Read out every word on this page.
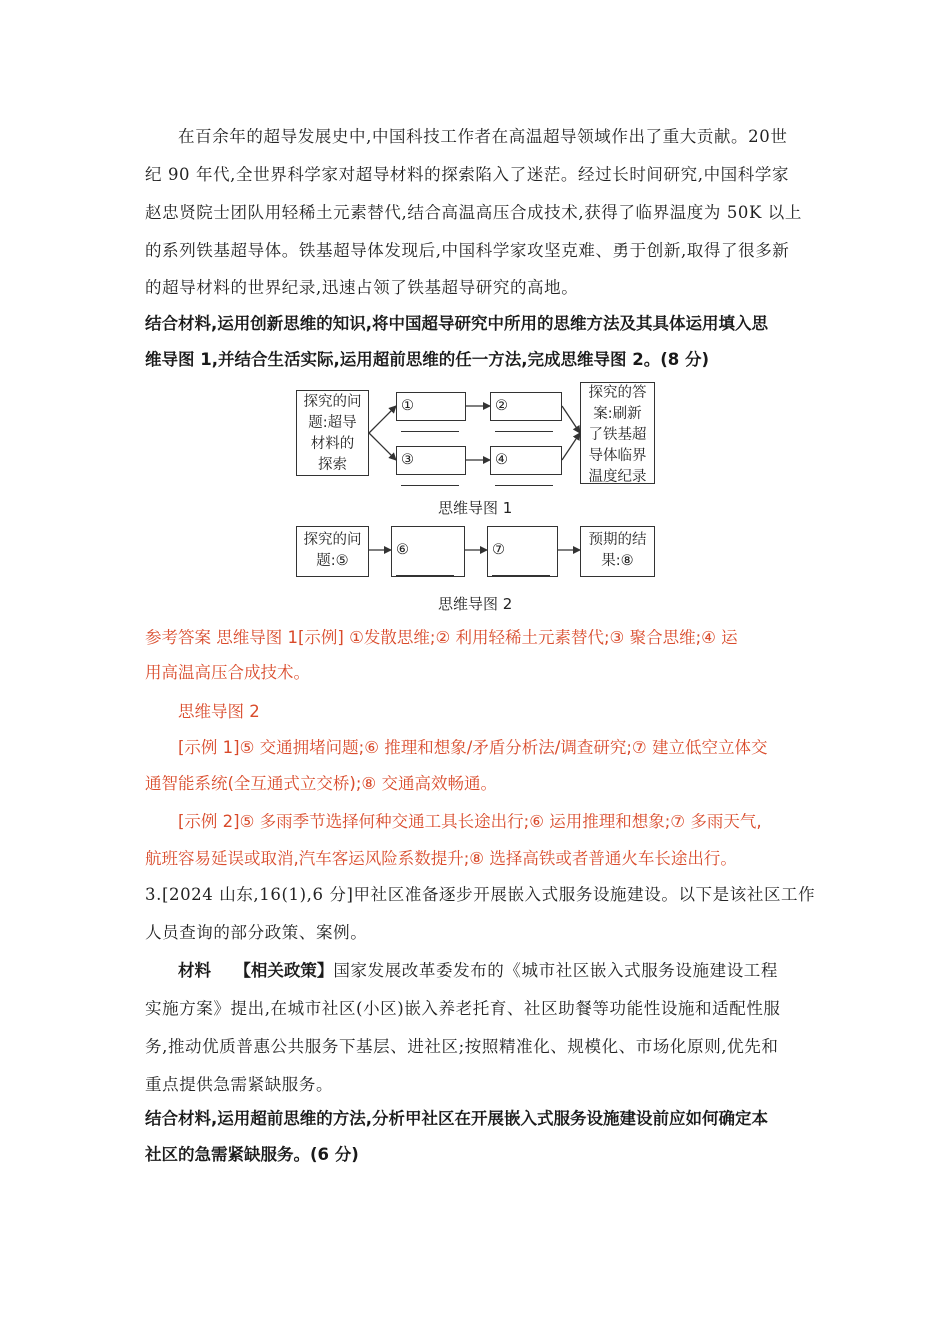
在百余年的超导发展史中,中国科技工作者在高温超导领域作出了重大贡献。20世
纪 90 年代,全世界科学家对超导材料的探索陷入了迷茫。经过长时间研究,中国科学家
赵忠贤院士团队用轻稀土元素替代,结合高温高压合成技术,获得了临界温度为 50K 以上
的系列铁基超导体。铁基超导体发现后,中国科学家攻坚克难、勇于创新,取得了很多新
的超导材料的世界纪录,迅速占领了铁基超导研究的高地。
结合材料,运用创新思维的知识,将中国超导研究中所用的思维方法及其具体运用填入思
维导图 1,并结合生活实际,运用超前思维的任一方法,完成思维导图 2。(8 分)
探究的问
题:超导
材料的
探索
①	②
③	④
探究的答
案:刷新
了铁基超
导体临界
温度纪录
思维导图 1
探究的问
题:⑤
⑥	⑦
预期的结
果:⑧
思维导图 2
参考答案 思维导图 1[示例] ①发散思维;② 利用轻稀土元素替代;③ 聚合思维;④ 运
用高温高压合成技术。
思维导图 2
[示例 1]⑤ 交通拥堵问题;⑥ 推理和想象/矛盾分析法/调查研究;⑦ 建立低空立体交
通智能系统(全互通式立交桥);⑧ 交通高效畅通。
[示例 2]⑤ 多雨季节选择何种交通工具长途出行;⑥ 运用推理和想象;⑦ 多雨天气,
航班容易延误或取消,汽车客运风险系数提升;⑧ 选择高铁或者普通火车长途出行。
3.[2024 山东,16(1),6 分]甲社区准备逐步开展嵌入式服务设施建设。以下是该社区工作
人员查询的部分政策、案例。
材料 【相关政策】国家发展改革委发布的《城市社区嵌入式服务设施建设工程
实施方案》提出,在城市社区(小区)嵌入养老托育、社区助餐等功能性设施和适配性服
务,推动优质普惠公共服务下基层、进社区;按照精准化、规模化、市场化原则,优先和
重点提供急需紧缺服务。
结合材料,运用超前思维的方法,分析甲社区在开展嵌入式服务设施建设前应如何确定本
社区的急需紧缺服务。(6 分)
